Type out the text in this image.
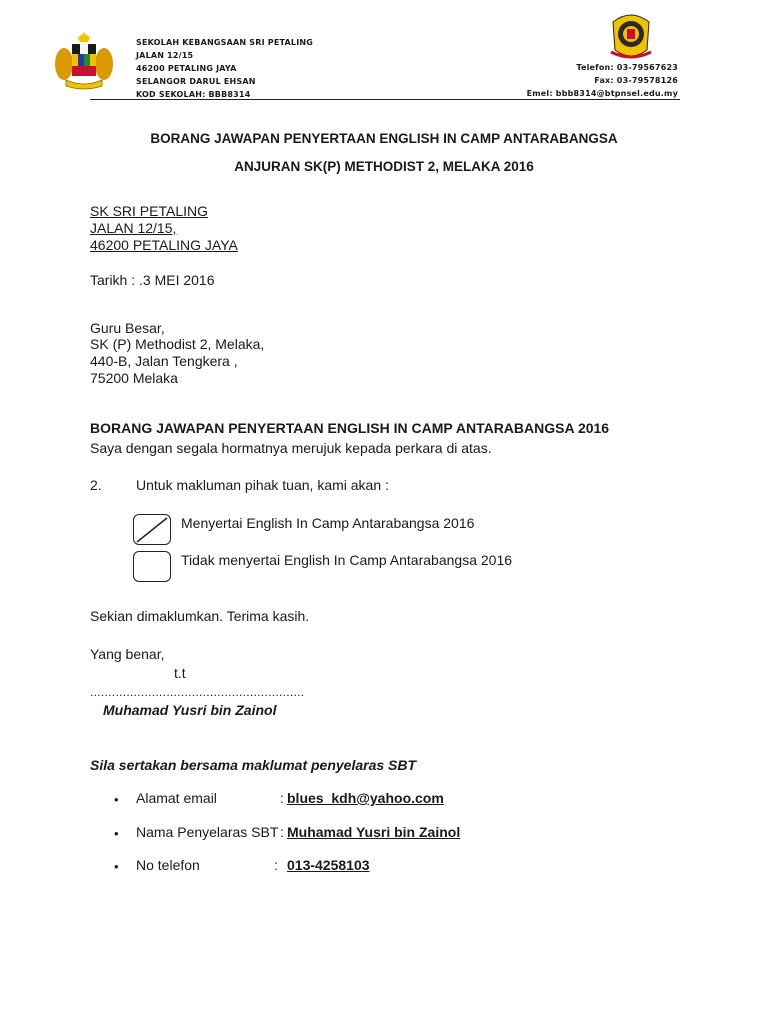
SEKOLAH KEBANGSAAN SRI PETALING
JALAN 12/15
46200 PETALING JAYA
SELANGOR DARUL EHSAN
KOD SEKOLAH: BBB8314
Telefon: 03-79567623
Fax: 03-79578126
Emel: bbb8314@btpnsel.edu.my
BORANG JAWAPAN PENYERTAAN ENGLISH IN CAMP ANTARABANGSA
ANJURAN SK(P) METHODIST 2, MELAKA 2016
SK SRI PETALING
JALAN 12/15,
46200 PETALING JAYA
Tarikh : .3 MEI 2016
Guru Besar,
SK (P) Methodist 2, Melaka,
440-B, Jalan Tengkera ,
75200 Melaka
BORANG JAWAPAN PENYERTAAN ENGLISH IN CAMP ANTARABANGSA 2016
Saya dengan segala hormatnya merujuk kepada perkara di atas.
2. Untuk makluman pihak tuan, kami akan :
Menyertai English In Camp Antarabangsa 2016
Tidak menyertai English In Camp Antarabangsa 2016
Sekian dimaklumkan. Terima kasih.
Yang benar,
t.t
...........................................................
Muhamad Yusri bin Zainol
Sila sertakan bersama maklumat penyelaras SBT
• Alamat email	: blues_kdh@yahoo.com
• Nama Penyelaras SBT : Muhamad Yusri bin Zainol
• No telefon	: 013-4258103
